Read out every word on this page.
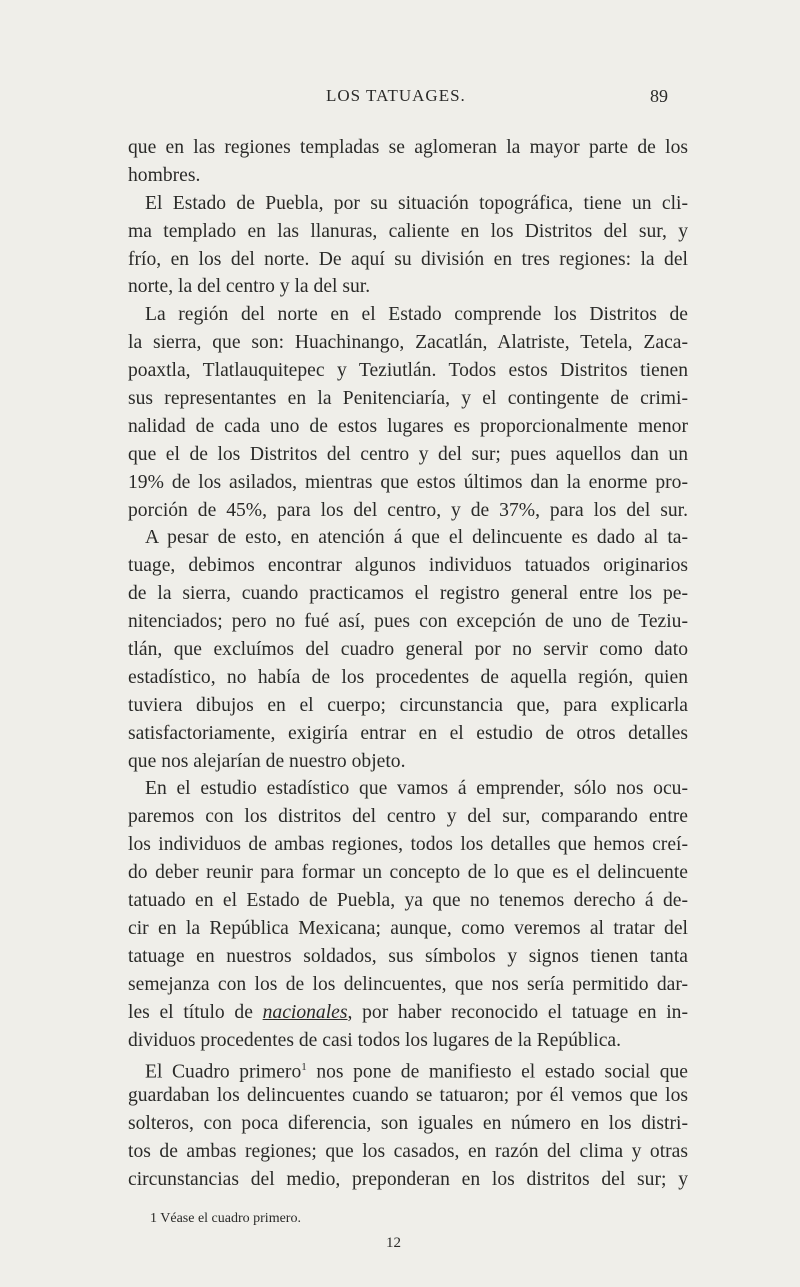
LOS TATUAGES.	89
que en las regiones templadas se aglomeran la mayor parte de los
hombres.
El Estado de Puebla, por su situación topográfica, tiene un cli-
ma templado en las llanuras, caliente en los Distritos del sur, y
frío, en los del norte. De aquí su división en tres regiones: la del
norte, la del centro y la del sur.
La región del norte en el Estado comprende los Distritos de
la sierra, que son: Huachinango, Zacatlán, Alatriste, Tetela, Zaca-
poaxtla, Tlatlauquitepec y Teziutlán. Todos estos Distritos tienen
sus representantes en la Penitenciaría, y el contingente de crimi-
nalidad de cada uno de estos lugares es proporcionalmente menor
que el de los Distritos del centro y del sur; pues aquellos dan un
19% de los asilados, mientras que estos últimos dan la enorme pro-
porción de 45%, para los del centro, y de 37%, para los del sur.
A pesar de esto, en atención á que el delincuente es dado al ta-
tuage, debimos encontrar algunos individuos tatuados originarios
de la sierra, cuando practicamos el registro general entre los pe-
nitenciados; pero no fué así, pues con excepción de uno de Teziu-
tlán, que excluímos del cuadro general por no servir como dato
estadístico, no había de los procedentes de aquella región, quien
tuviera dibujos en el cuerpo; circunstancia que, para explicarla
satisfactoriamente, exigiría entrar en el estudio de otros detalles
que nos alejarían de nuestro objeto.
En el estudio estadístico que vamos á emprender, sólo nos ocu-
paremos con los distritos del centro y del sur, comparando entre
los individuos de ambas regiones, todos los detalles que hemos creí-
do deber reunir para formar un concepto de lo que es el delincuente
tatuado en el Estado de Puebla, ya que no tenemos derecho á de-
cir en la República Mexicana; aunque, como veremos al tratar del
tatuage en nuestros soldados, sus símbolos y signos tienen tanta
semejanza con los de los delincuentes, que nos sería permitido dar-
les el título de nacionales, por haber reconocido el tatuage en in-
dividuos procedentes de casi todos los lugares de la República.
El Cuadro primero$^1$ nos pone de manifiesto el estado social que
guardaban los delincuentes cuando se tatuaron; por él vemos que los
solteros, con poca diferencia, son iguales en número en los distri-
tos de ambas regiones; que los casados, en razón del clima y otras
circunstancias del medio, preponderan en los distritos del sur; y
1 Véase el cuadro primero.
12
